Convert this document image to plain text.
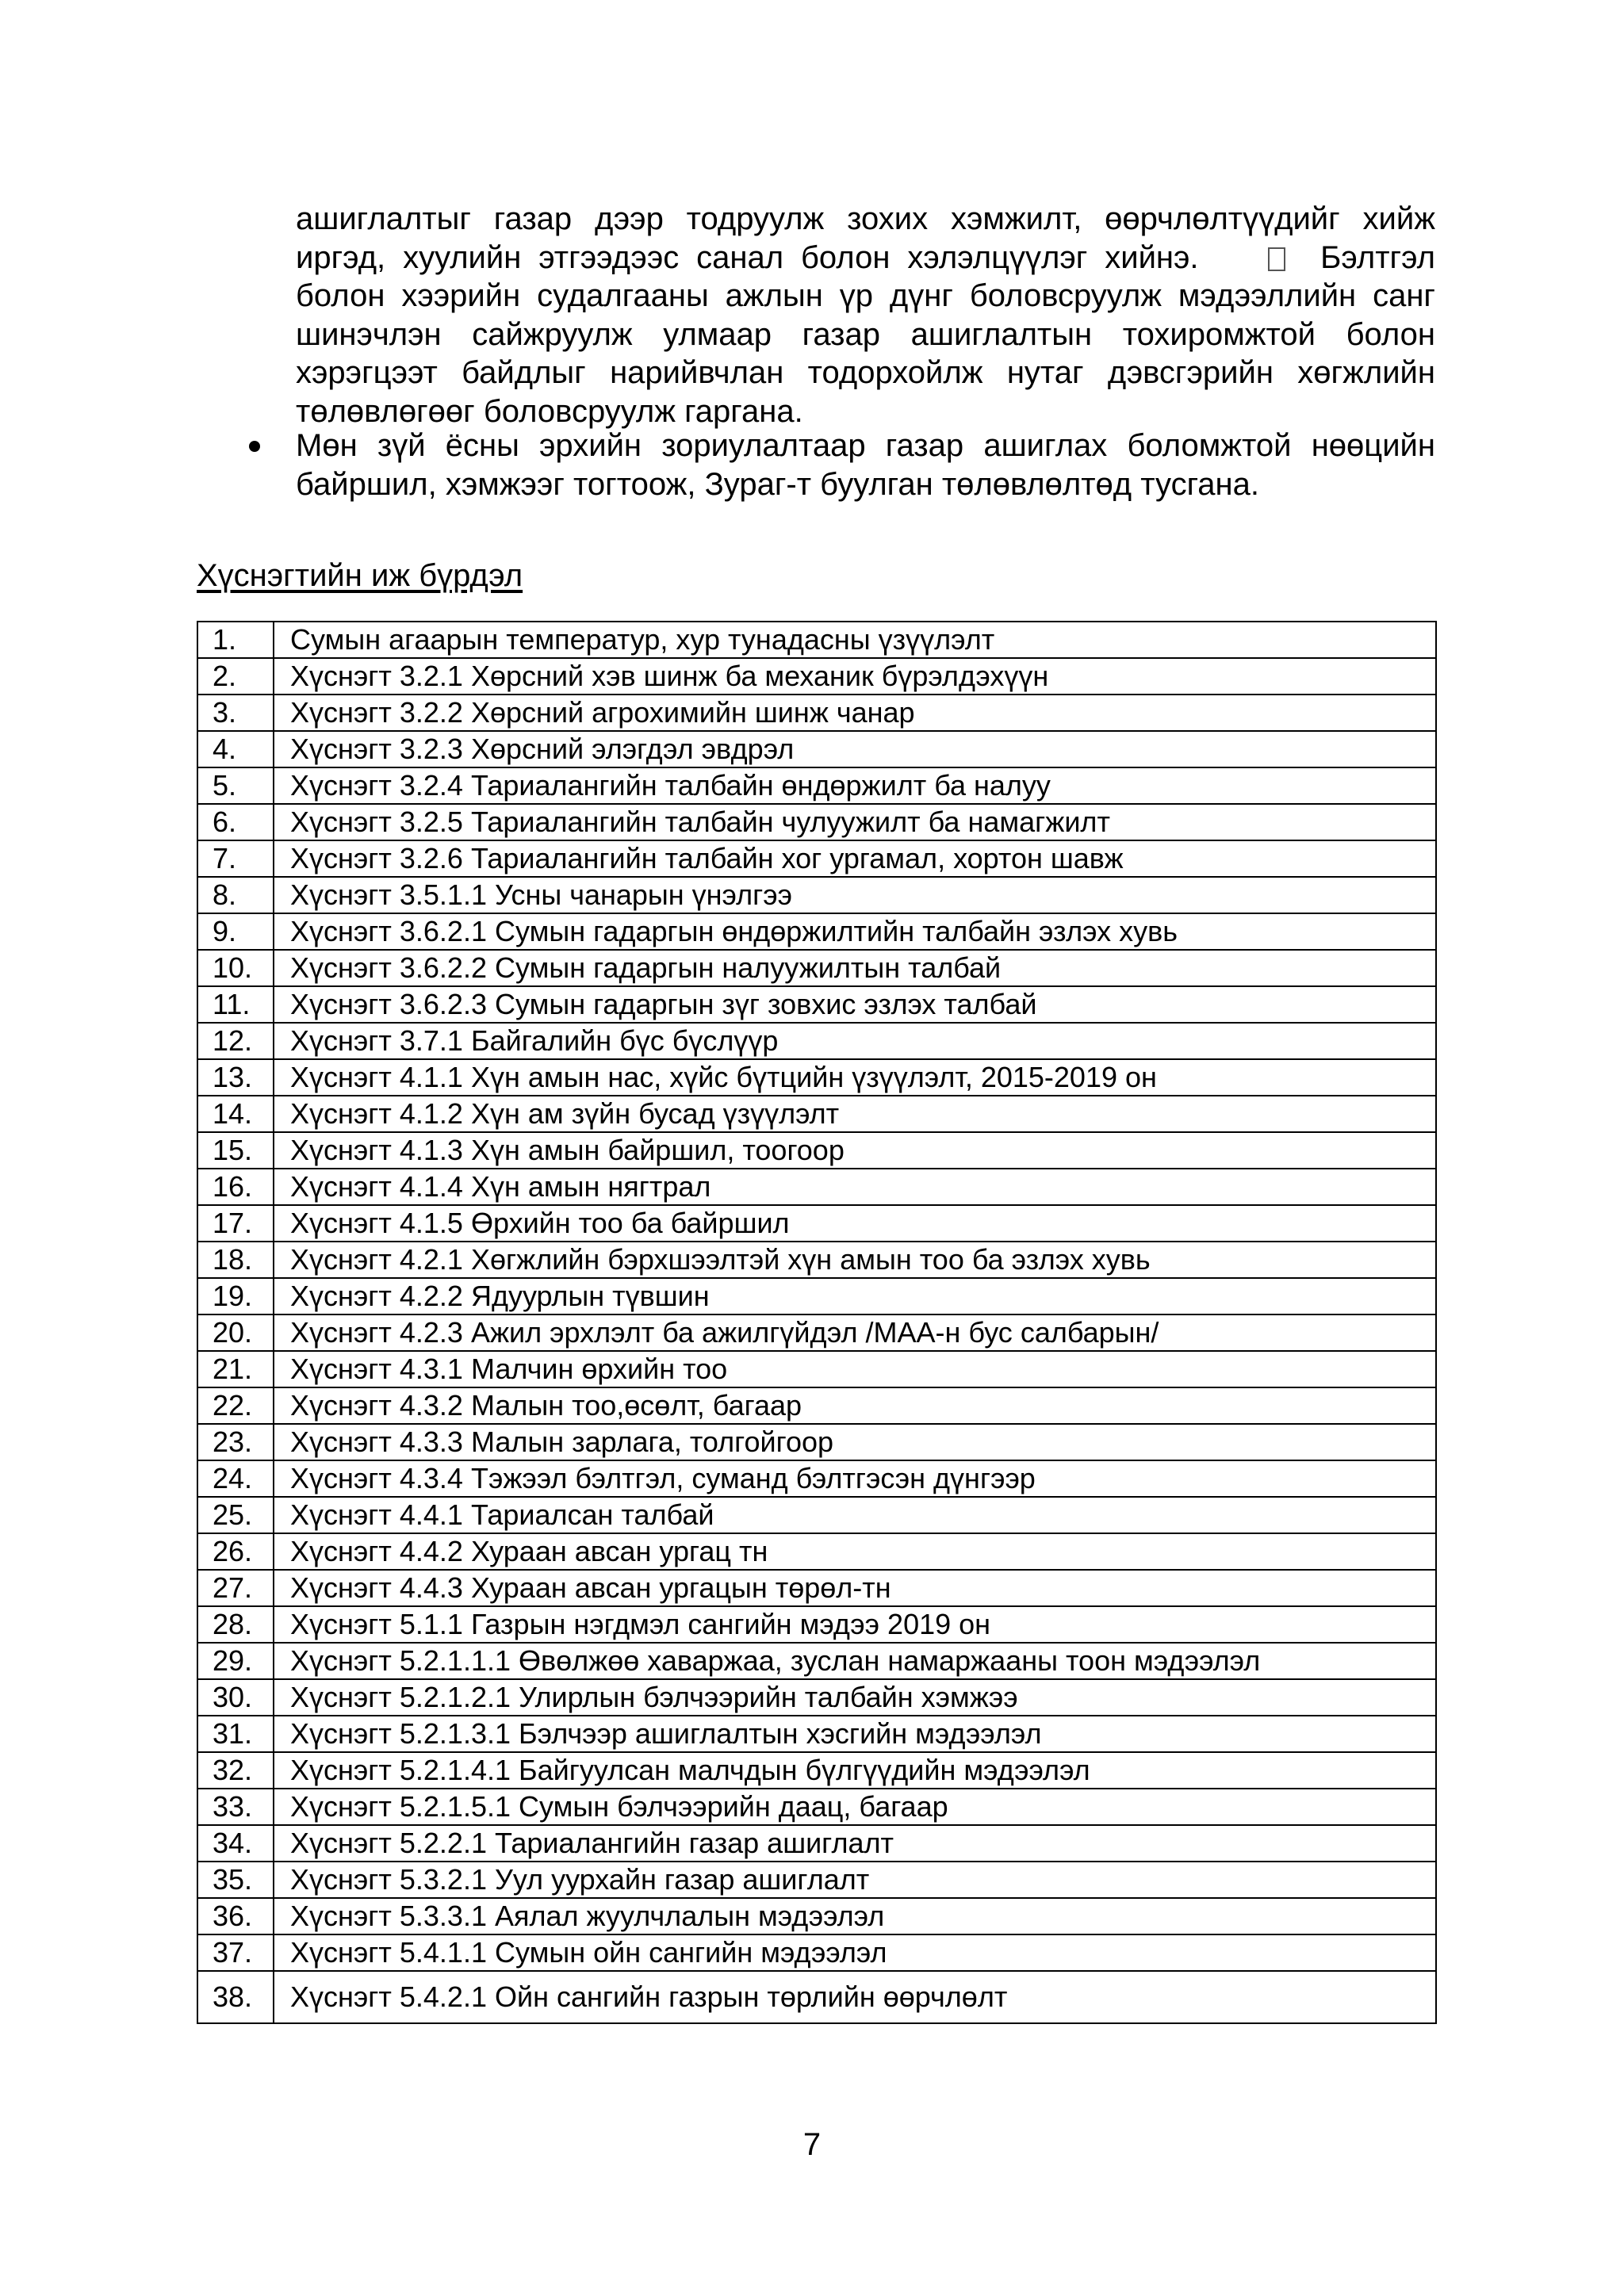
ашиглалтыг газар дээр тодруулж зохих хэмжилт, өөрчлөлтүүдийг хийж
иргэд, хуулийн этгээдээс санал болон хэлэлцүүлэг хийнэ.	Бэлтгэл
болон хээрийн судалгааны ажлын үр дүнг боловсруулж мэдээллийн санг
шинэчлэн сайжруулж улмаар газар ашиглалтын тохиромжтой болон
хэрэгцээт байдлыг нарийвчлан тодорхойлж нутаг дэвсгэрийн хөгжлийн
төлөвлөгөөг боловсруулж гаргана.
Мөн зүй ёсны эрхийн зориулалтаар газар ашиглах боломжтой нөөцийн
байршил, хэмжээг тогтоож, Зураг-т буулган төлөвлөлтөд тусгана.
Хүснэгтийн иж бүрдэл
1.	Сумын агаарын температур, хур тунадасны үзүүлэлт
2.	Хүснэгт 3.2.1 Хөрсний хэв шинж ба механик бүрэлдэхүүн
3.	Хүснэгт 3.2.2 Хөрсний агрохимийн шинж чанар
4.	Хүснэгт 3.2.3 Хөрсний элэгдэл эвдрэл
5.	Хүснэгт 3.2.4 Тариалангийн талбайн өндөржилт ба налуу
6.	Хүснэгт 3.2.5 Тариалангийн талбайн чулуужилт ба намагжилт
7.	Хүснэгт 3.2.6 Тариалангийн талбайн хог ургамал, хортон шавж
8.	Хүснэгт 3.5.1.1 Усны чанарын үнэлгээ
9.	Хүснэгт 3.6.2.1 Сумын гадаргын өндөржилтийн талбайн эзлэх хувь
10.	Хүснэгт 3.6.2.2 Сумын гадаргын налуужилтын талбай
11.	Хүснэгт 3.6.2.3 Сумын гадаргын зүг зовхис эзлэх талбай
12.	Хүснэгт 3.7.1 Байгалийн бүс бүслүүр
13.	Хүснэгт 4.1.1 Хүн амын нас, хүйс бүтцийн үзүүлэлт, 2015-2019 он
14.	Хүснэгт 4.1.2 Хүн ам зүйн бусад үзүүлэлт
15.	Хүснэгт 4.1.3 Хүн амын байршил, тоогоор
16.	Хүснэгт 4.1.4 Хүн амын нягтрал
17.	Хүснэгт 4.1.5 Өрхийн тоо ба байршил
18.	Хүснэгт 4.2.1 Хөгжлийн бэрхшээлтэй хүн амын тоо ба эзлэх хувь
19.	Хүснэгт 4.2.2 Ядуурлын түвшин
20.	Хүснэгт 4.2.3 Ажил эрхлэлт ба ажилгүйдэл /МАА-н бус салбарын/
21.	Хүснэгт 4.3.1 Малчин өрхийн тоо
22.	Хүснэгт 4.3.2 Малын тоо,өсөлт, багаар
23.	Хүснэгт 4.3.3 Малын зарлага, толгойгоор
24.	Хүснэгт 4.3.4 Тэжээл бэлтгэл, суманд бэлтгэсэн дүнгээр
25.	Хүснэгт 4.4.1 Тариалсан талбай
26.	Хүснэгт 4.4.2 Хураан авсан ургац тн
27.	Хүснэгт 4.4.3 Хураан авсан ургацын төрөл-тн
28.	Хүснэгт 5.1.1 Газрын нэгдмэл сангийн мэдээ 2019 он
29.	Хүснэгт 5.2.1.1.1 Өвөлжөө хаваржаа, зуслан намаржааны тоон мэдээлэл
30.	Хүснэгт 5.2.1.2.1 Улирлын бэлчээрийн талбайн хэмжээ
31.	Хүснэгт 5.2.1.3.1 Бэлчээр ашиглалтын хэсгийн мэдээлэл
32.	Хүснэгт 5.2.1.4.1 Байгуулсан малчдын бүлгүүдийн мэдээлэл
33.	Хүснэгт 5.2.1.5.1 Сумын бэлчээрийн даац, багаар
34.	Хүснэгт 5.2.2.1 Тариалангийн газар ашиглалт
35.	Хүснэгт 5.3.2.1 Уул уурхайн газар ашиглалт
36.	Хүснэгт 5.3.3.1 Аялал жуулчлалын мэдээлэл
37.	Хүснэгт 5.4.1.1 Сумын ойн сангийн мэдээлэл
38.	Хүснэгт 5.4.2.1 Ойн сангийн газрын төрлийн өөрчлөлт
7
